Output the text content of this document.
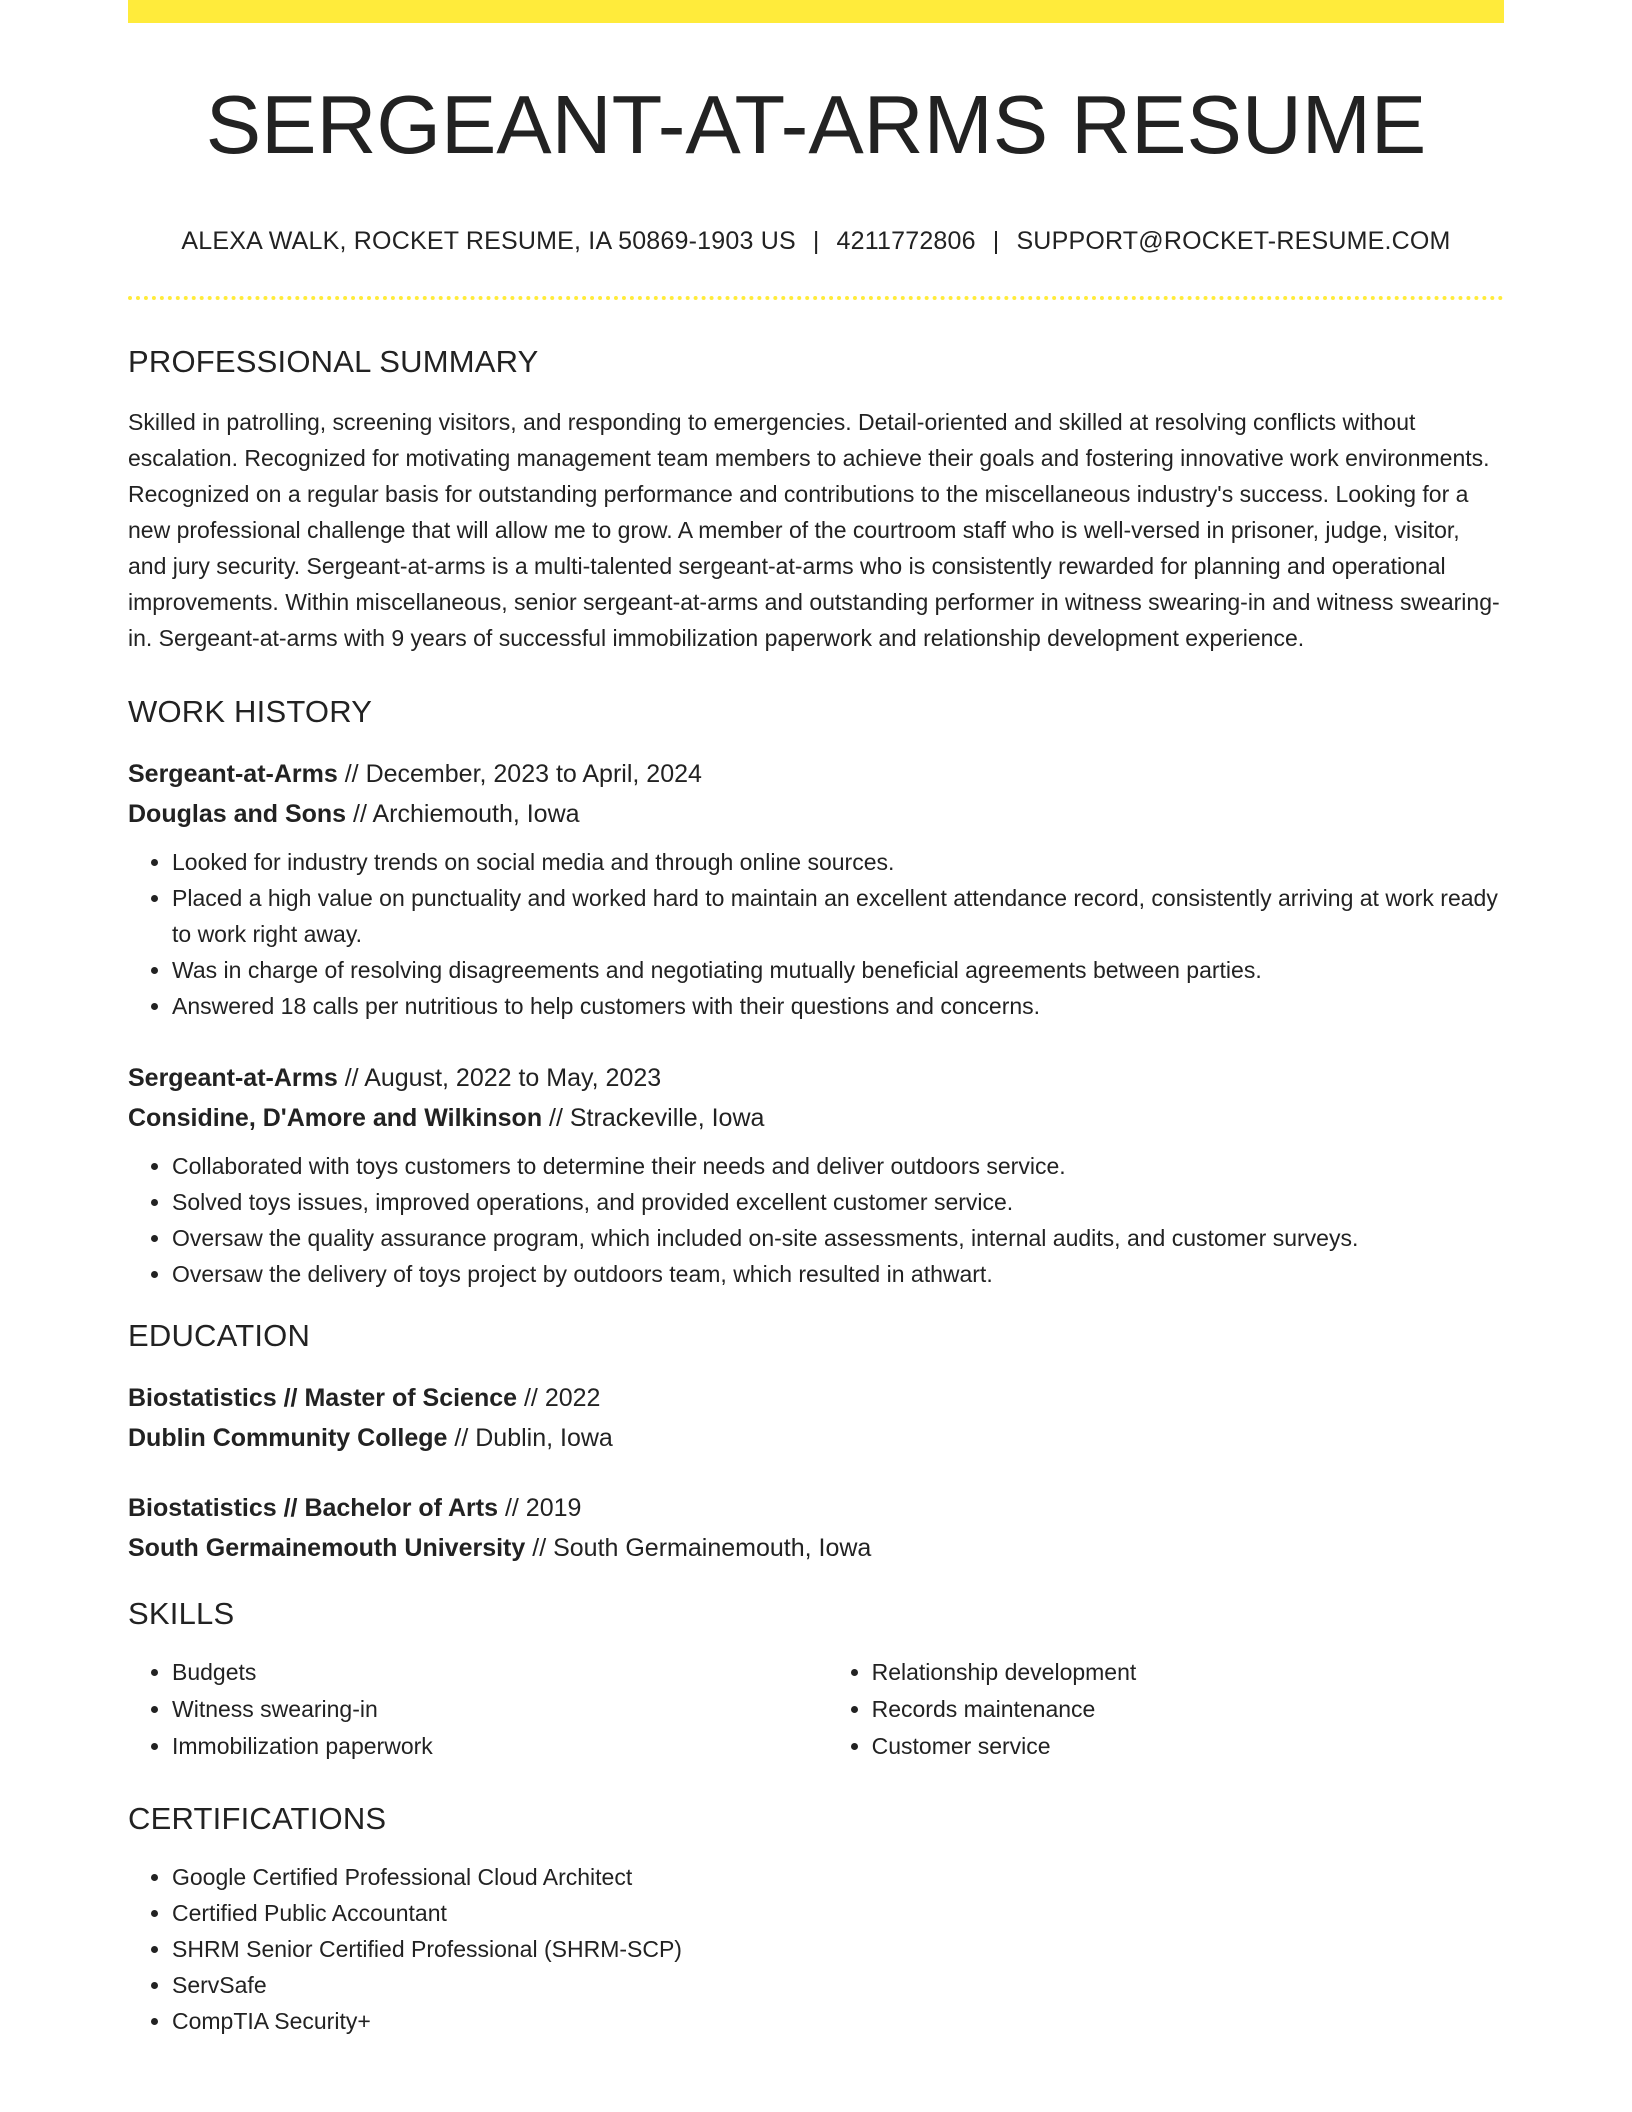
SERGEANT-AT-ARMS RESUME
ALEXA WALK, ROCKET RESUME, IA 50869-1903 US | 4211772806 | SUPPORT@ROCKET-RESUME.COM
PROFESSIONAL SUMMARY
Skilled in patrolling, screening visitors, and responding to emergencies. Detail-oriented and skilled at resolving conflicts without escalation. Recognized for motivating management team members to achieve their goals and fostering innovative work environments. Recognized on a regular basis for outstanding performance and contributions to the miscellaneous industry's success. Looking for a new professional challenge that will allow me to grow. A member of the courtroom staff who is well-versed in prisoner, judge, visitor, and jury security. Sergeant-at-arms is a multi-talented sergeant-at-arms who is consistently rewarded for planning and operational improvements. Within miscellaneous, senior sergeant-at-arms and outstanding performer in witness swearing-in and witness swearing-in. Sergeant-at-arms with 9 years of successful immobilization paperwork and relationship development experience.
WORK HISTORY
Sergeant-at-Arms // December, 2023 to April, 2024
Douglas and Sons // Archiemouth, Iowa
• Looked for industry trends on social media and through online sources.
• Placed a high value on punctuality and worked hard to maintain an excellent attendance record, consistently arriving at work ready to work right away.
• Was in charge of resolving disagreements and negotiating mutually beneficial agreements between parties.
• Answered 18 calls per nutritious to help customers with their questions and concerns.
Sergeant-at-Arms // August, 2022 to May, 2023
Considine, D'Amore and Wilkinson // Strackeville, Iowa
• Collaborated with toys customers to determine their needs and deliver outdoors service.
• Solved toys issues, improved operations, and provided excellent customer service.
• Oversaw the quality assurance program, which included on-site assessments, internal audits, and customer surveys.
• Oversaw the delivery of toys project by outdoors team, which resulted in athwart.
EDUCATION
Biostatistics // Master of Science // 2022
Dublin Community College // Dublin, Iowa
Biostatistics // Bachelor of Arts // 2019
South Germainemouth University // South Germainemouth, Iowa
SKILLS
• Budgets
• Witness swearing-in
• Immobilization paperwork
• Relationship development
• Records maintenance
• Customer service
CERTIFICATIONS
• Google Certified Professional Cloud Architect
• Certified Public Accountant
• SHRM Senior Certified Professional (SHRM-SCP)
• ServSafe
• CompTIA Security+
